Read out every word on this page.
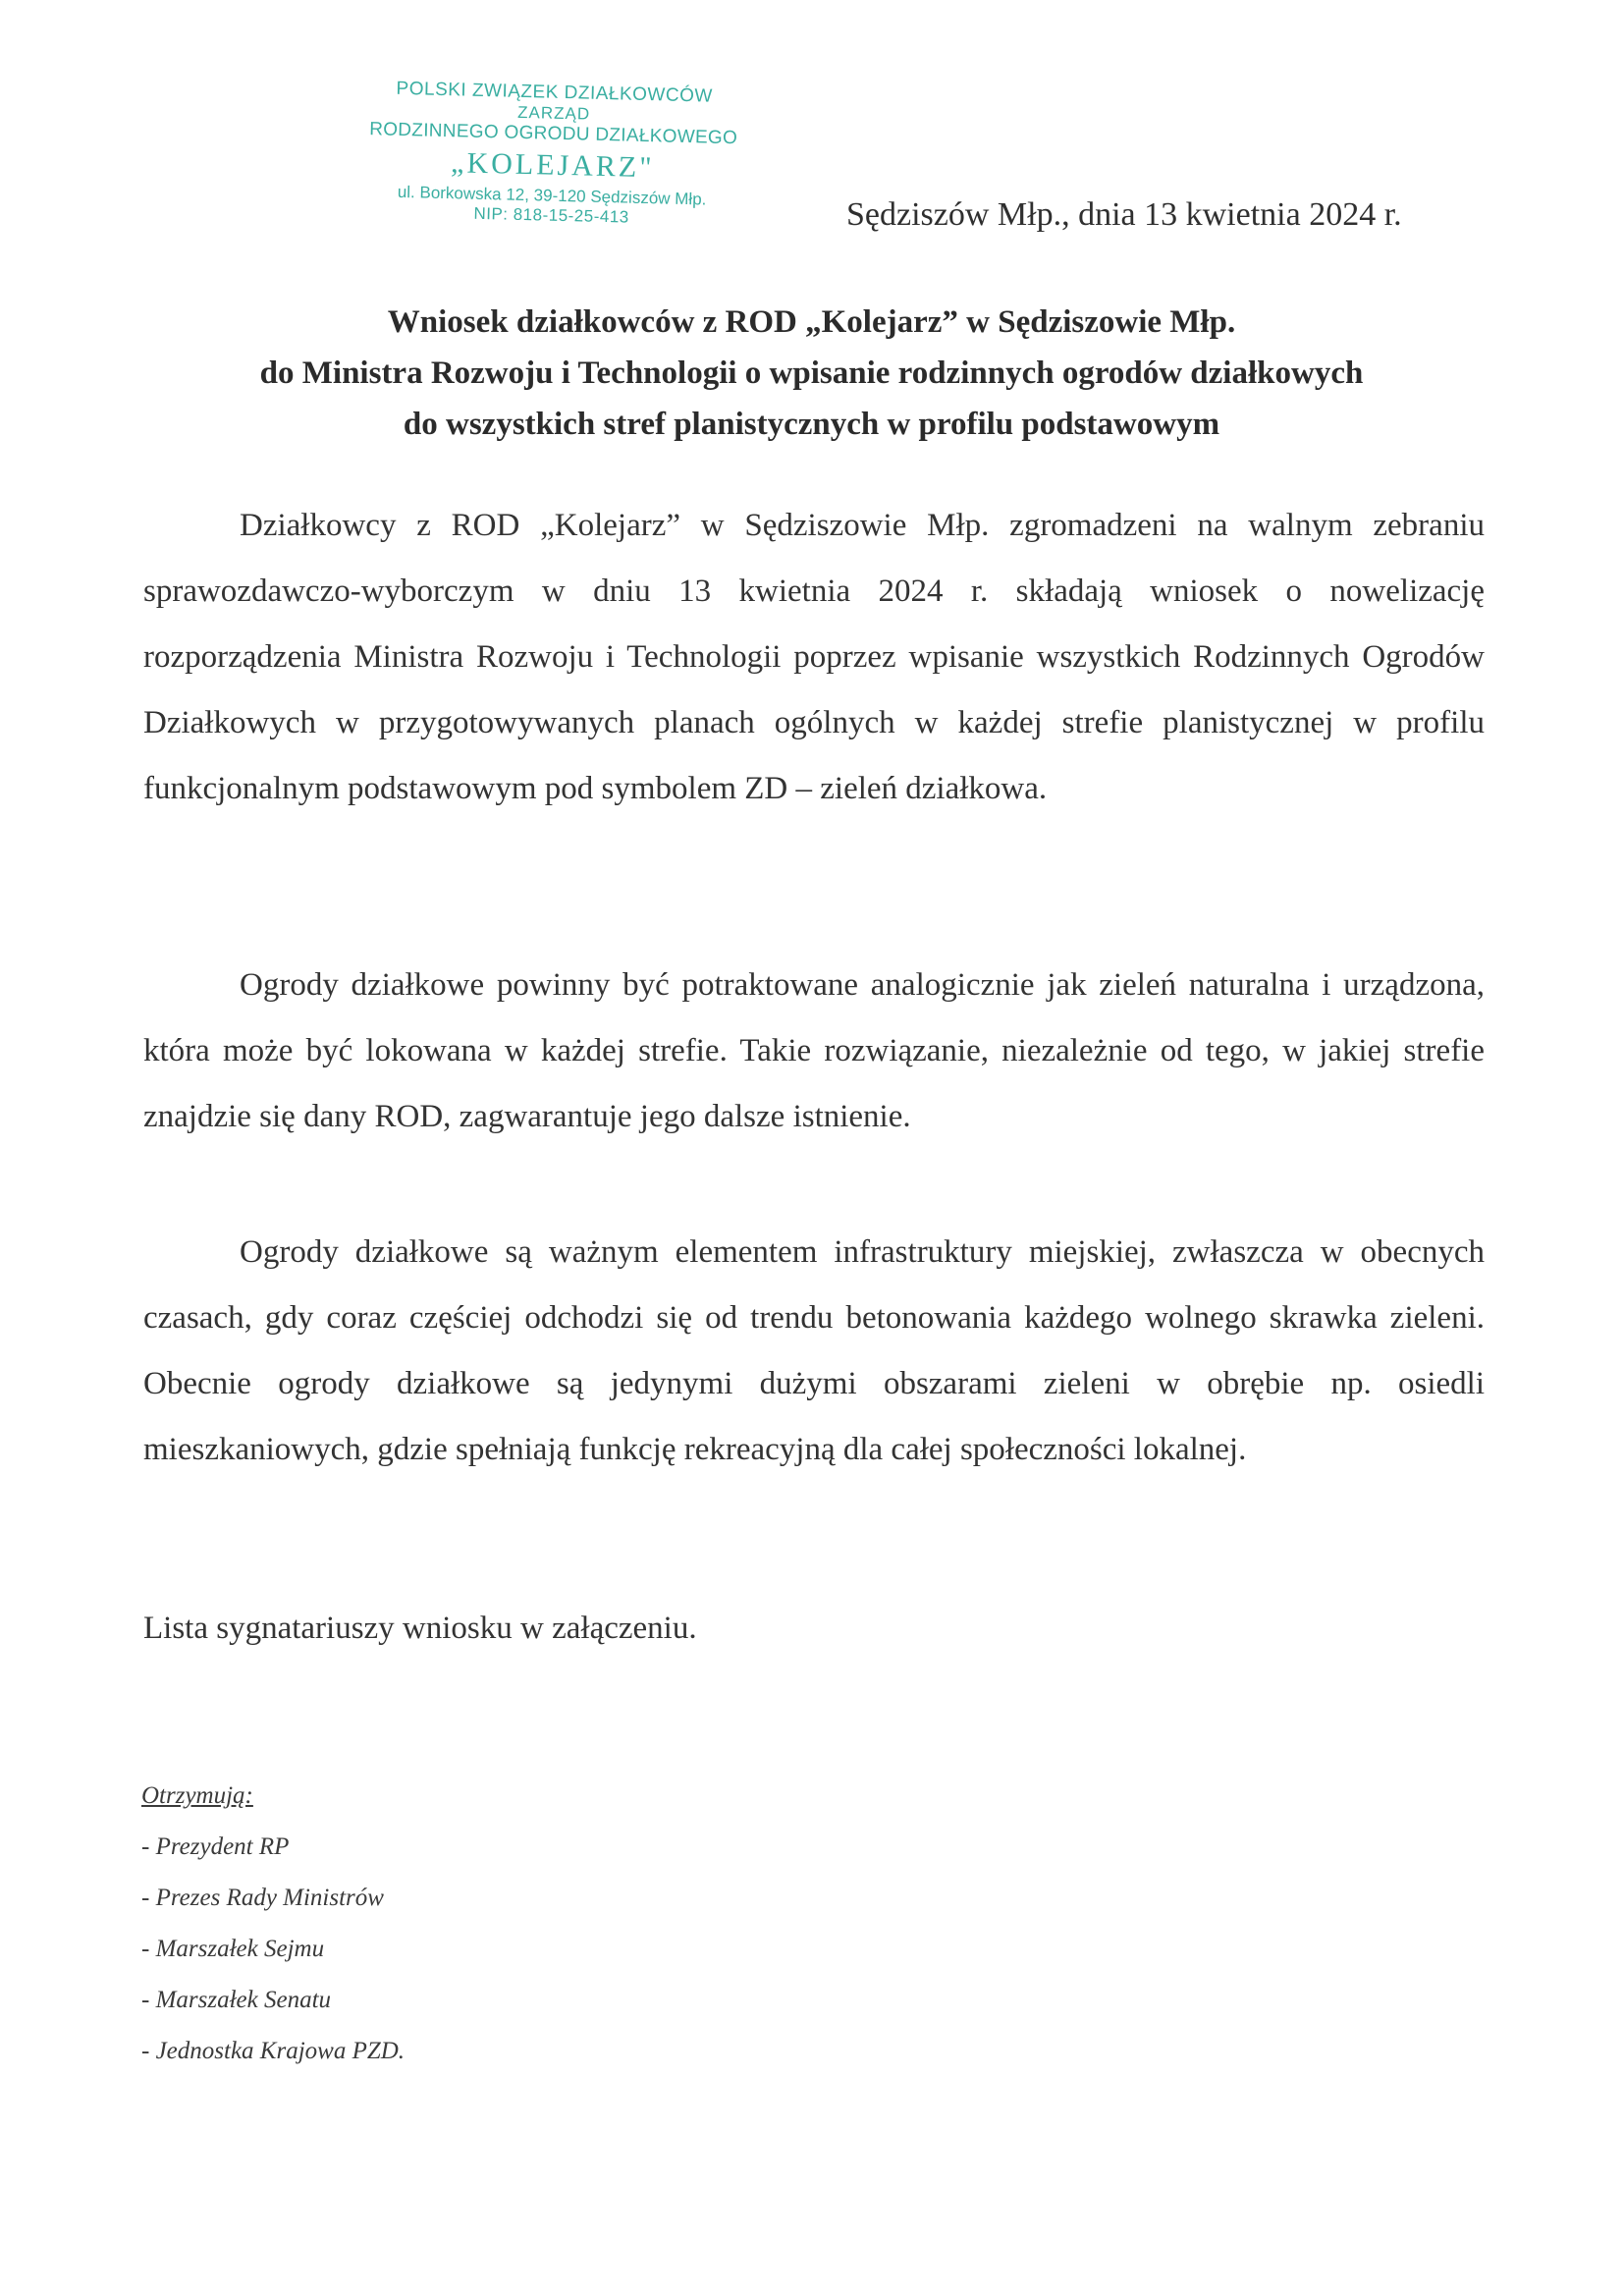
POLSKI ZWIĄZEK DZIAŁKOWCÓW
ZARZĄD
RODZINNEGO OGRODU DZIAŁKOWEGO
„KOLEJARZ"
ul. Borkowska 12, 39-120 Sędziszów Młp.
NIP: 818-15-25-413	Sędziszów Młp., dnia 13 kwietnia 2024 r.
Wniosek działkowców z ROD „Kolejarz” w Sędziszowie Młp.
do Ministra Rozwoju i Technologii o wpisanie rodzinnych ogrodów działkowych
do wszystkich stref planistycznych w profilu podstawowym

Działkowcy z ROD „Kolejarz” w Sędziszowie Młp. zgromadzeni na walnym zebraniu sprawozdawczo-wyborczym w dniu 13 kwietnia 2024 r. składają wniosek o nowelizację rozporządzenia Ministra Rozwoju i Technologii poprzez wpisanie wszystkich Rodzinnych Ogrodów Działkowych w przygotowywanych planach ogólnych w każdej strefie planistycznej w profilu funkcjonalnym podstawowym pod symbolem ZD – zieleń działkowa.

Ogrody działkowe powinny być potraktowane analogicznie jak zieleń naturalna i urządzona, która może być lokowana w każdej strefie. Takie rozwiązanie, niezależnie od tego, w jakiej strefie znajdzie się dany ROD, zagwarantuje jego dalsze istnienie.

Ogrody działkowe są ważnym elementem infrastruktury miejskiej, zwłaszcza w obecnych czasach, gdy coraz częściej odchodzi się od trendu betonowania każdego wolnego skrawka zieleni. Obecnie ogrody działkowe są jedynymi dużymi obszarami zieleni w obrębie np. osiedli mieszkaniowych, gdzie spełniają funkcję rekreacyjną dla całej społeczności lokalnej.

Lista sygnatariuszy wniosku w załączeniu.
Otrzymują:
- Prezydent RP
- Prezes Rady Ministrów
- Marszałek Sejmu
- Marszałek Senatu
- Jednostka Krajowa PZD.
